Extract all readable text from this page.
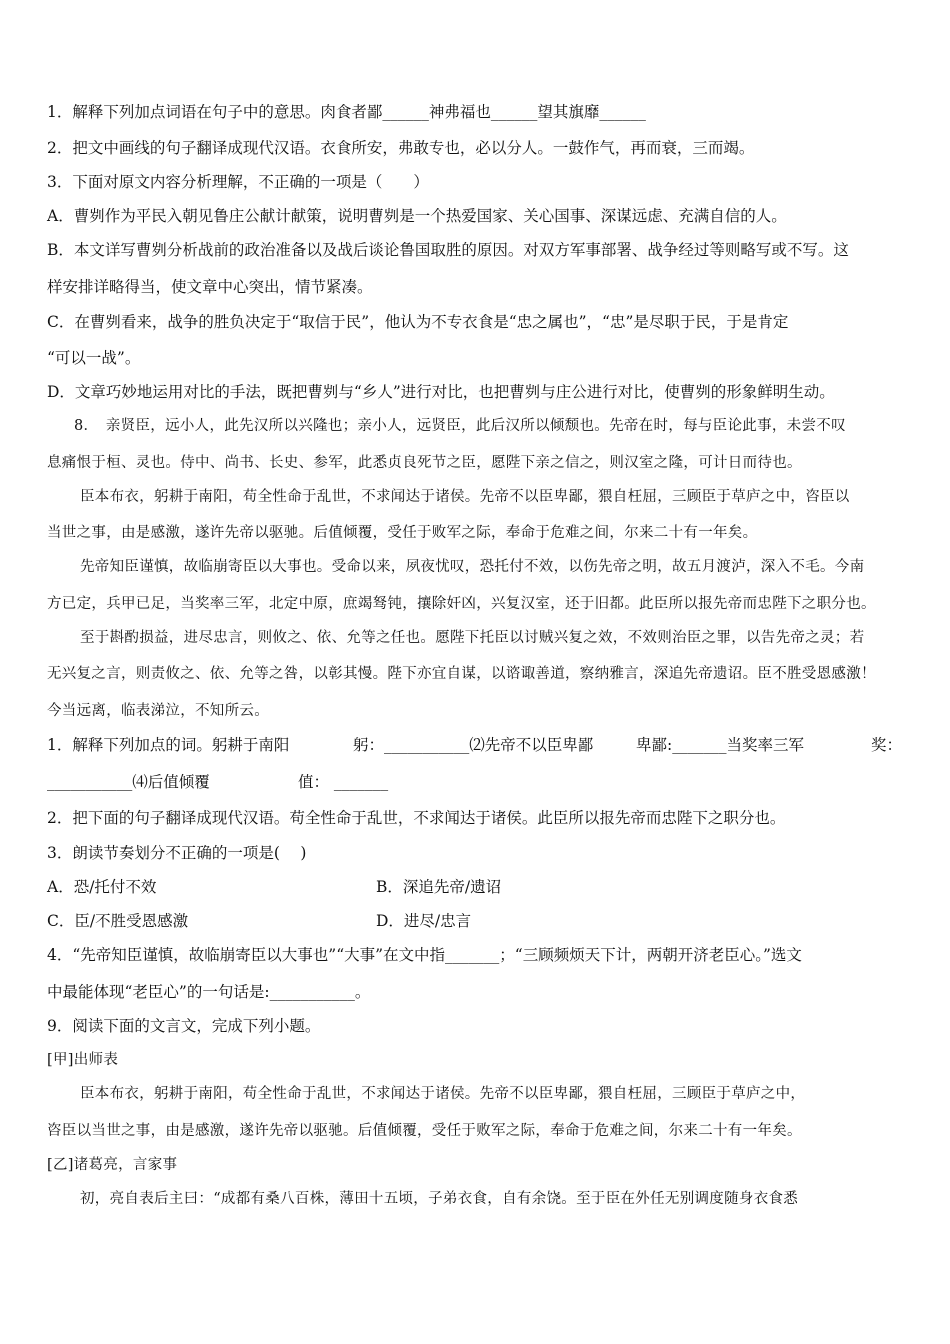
1．解释下列加点词语在句子中的意思。肉食者鄙______神弗福也______望其旗靡______
2．把文中画线的句子翻译成现代汉语。衣食所安，弗敢专也，必以分人。一鼓作气，再而衰，三而竭。
3．下面对原文内容分析理解，不正确的一项是（　　）
A．曹刿作为平民入朝见鲁庄公献计献策，说明曹刿是一个热爱国家、关心国事、深谋远虑、充满自信的人。
B．本文详写曹刿分析战前的政治准备以及战后谈论鲁国取胜的原因。对双方军事部署、战争经过等则略写或不写。这
样安排详略得当，使文章中心突出，情节紧凑。
C．在曹刿看来，战争的胜负决定于“取信于民”，他认为不专衣食是“忠之属也”，“忠”是尽职于民，于是肯定
“可以一战”。
D．文章巧妙地运用对比的手法，既把曹刿与“乡人”进行对比，也把曹刿与庄公进行对比，使曹刿的形象鲜明生动。
8．　亲贤臣，远小人，此先汉所以兴隆也；亲小人，远贤臣，此后汉所以倾颓也。先帝在时，每与臣论此事，未尝不叹
息痛恨于桓、灵也。侍中、尚书、长史、参军，此悉贞良死节之臣，愿陛下亲之信之，则汉室之隆，可计日而待也。
臣本布衣，躬耕于南阳，苟全性命于乱世，不求闻达于诸侯。先帝不以臣卑鄙，猥自枉屈，三顾臣于草庐之中，咨臣以
当世之事，由是感激，遂许先帝以驱驰。后值倾覆，受任于败军之际，奉命于危难之间，尔来二十有一年矣。
先帝知臣谨慎，故临崩寄臣以大事也。受命以来，夙夜忧叹，恐托付不效，以伤先帝之明，故五月渡泸，深入不毛。今南
方已定，兵甲已足，当奖率三军，北定中原，庶竭驽钝，攘除奸凶，兴复汉室，还于旧都。此臣所以报先帝而忠陛下之职分也。
至于斟酌损益，进尽忠言，则攸之、依、允等之任也。愿陛下托臣以讨贼兴复之效，不效则治臣之罪，以告先帝之灵；若
无兴复之言，则责攸之、依、允等之咎，以彰其慢。陛下亦宜自谋，以谘诹善道，察纳雅言，深追先帝遗诏。臣不胜受恩感激！
今当远离，临表涕泣，不知所云。
1．解释下列加点的词。躬耕于南阳	躬：___________⑵先帝不以臣卑鄙	卑鄙:_______当奖率三军	奖：
___________⑷后值倾覆	值： _______
2．把下面的句子翻译成现代汉语。苟全性命于乱世，不求闻达于诸侯。此臣所以报先帝而忠陛下之职分也。
3．朗读节奏划分不正确的一项是(　 )
A．恐/托付不效	B．深追先帝/遗诏
C．臣/不胜受恩感激	D．进尽/忠言
4．“先帝知臣谨慎，故临崩寄臣以大事也”“大事”在文中指_______；“三顾频烦天下计，两朝开济老臣心。”选文
中最能体现“老臣心”的一句话是:___________。
9．阅读下面的文言文，完成下列小题。
[甲]出师表
臣本布衣，躬耕于南阳，苟全性命于乱世，不求闻达于诸侯。先帝不以臣卑鄙，猥自枉屈，三顾臣于草庐之中，
咨臣以当世之事，由是感激，遂许先帝以驱驰。后值倾覆，受任于败军之际，奉命于危难之间，尔来二十有一年矣。
[乙]诸葛亮，言家事
初，亮自表后主曰：“成都有桑八百株，薄田十五顷，子弟衣食，自有余饶。至于臣在外任无别调度随身衣食悉
